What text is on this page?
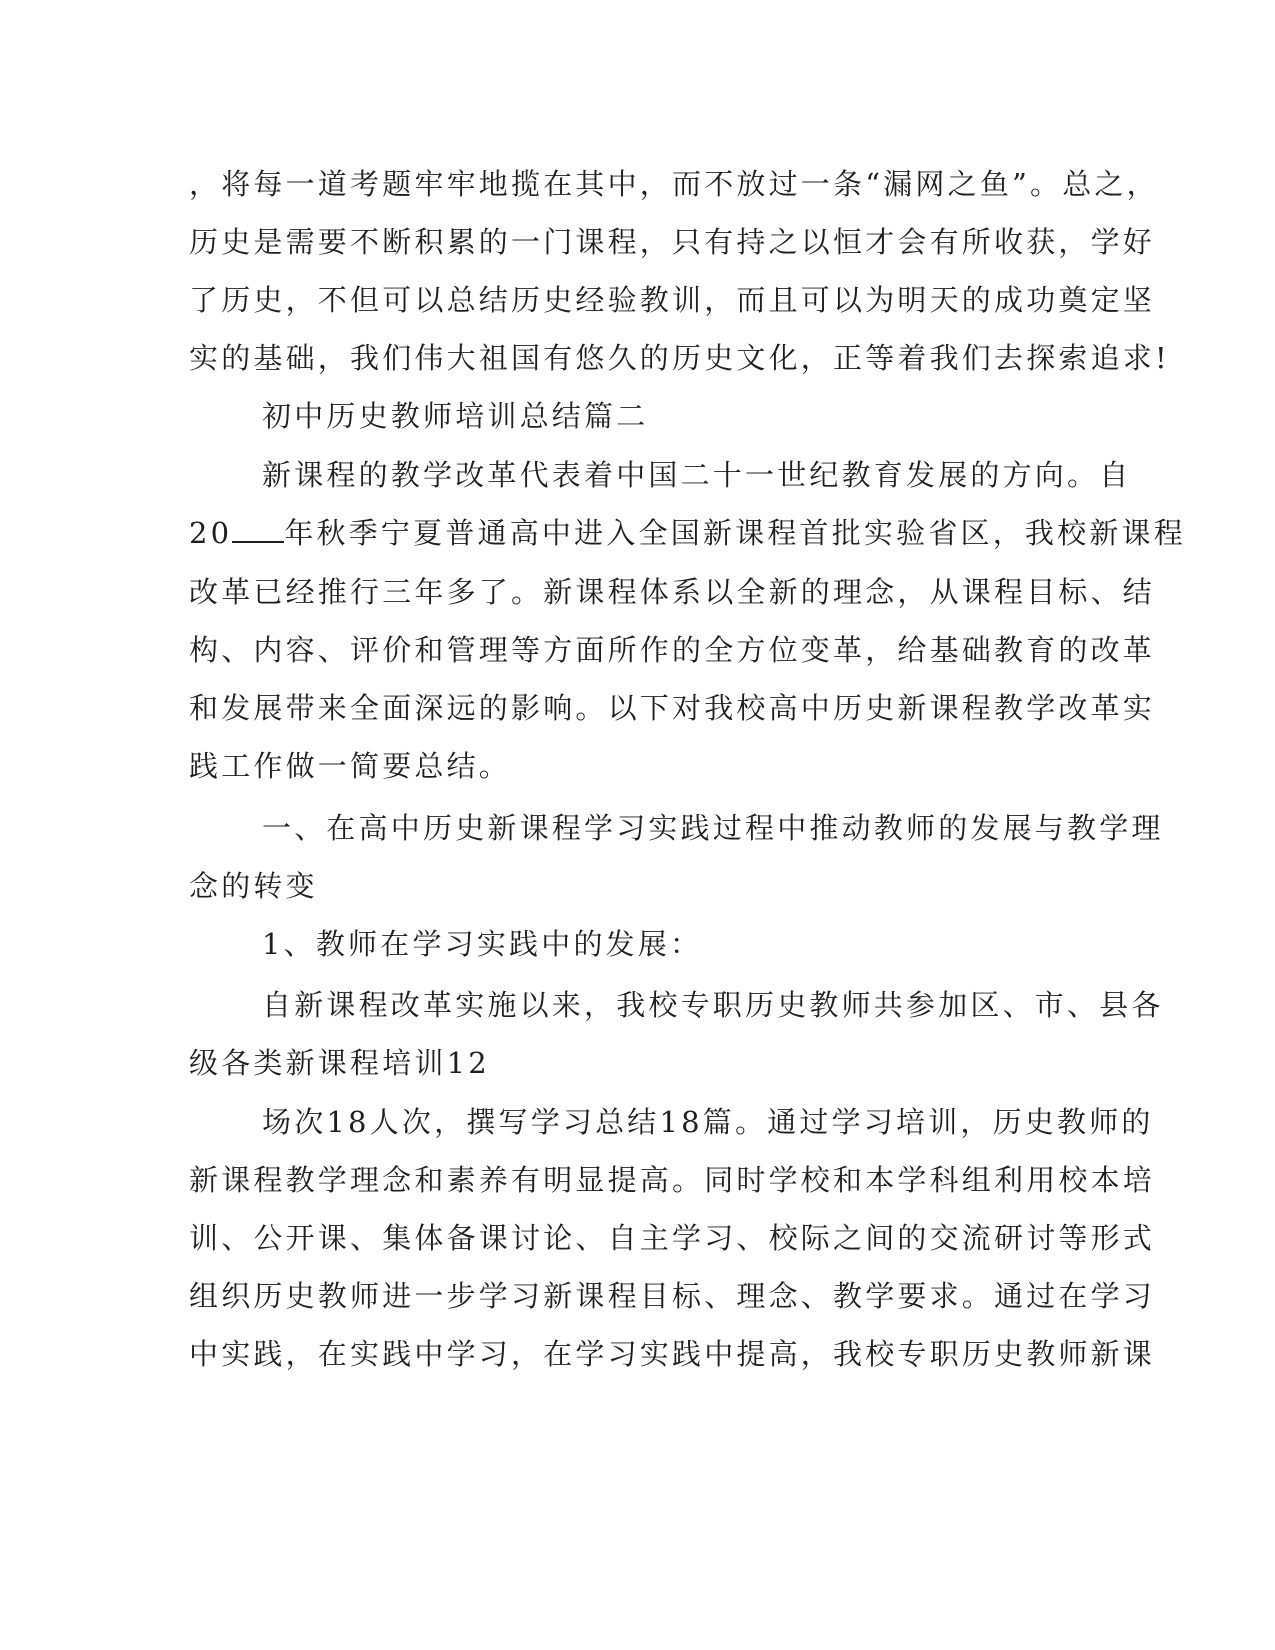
，将每一道考题牢牢地揽在其中，而不放过一条“漏网之鱼”。总之，
历史是需要不断积累的一门课程，只有持之以恒才会有所收获，学好
了历史，不但可以总结历史经验教训，而且可以为明天的成功奠定坚
实的基础，我们伟大祖国有悠久的历史文化，正等着我们去探索追求!
初中历史教师培训总结篇二
新课程的教学改革代表着中国二十一世纪教育发展的方向。自
20 年秋季宁夏普通高中进入全国新课程首批实验省区，我校新课程
改革已经推行三年多了。新课程体系以全新的理念，从课程目标、结
构、内容、评价和管理等方面所作的全方位变革，给基础教育的改革
和发展带来全面深远的影响。以下对我校高中历史新课程教学改革实
践工作做一简要总结。
一、在高中历史新课程学习实践过程中推动教师的发展与教学理
念的转变
1、教师在学习实践中的发展：
自新课程改革实施以来，我校专职历史教师共参加区、市、县各
级各类新课程培训12
场次18人次，撰写学习总结18篇。通过学习培训，历史教师的
新课程教学理念和素养有明显提高。同时学校和本学科组利用校本培
训、公开课、集体备课讨论、自主学习、校际之间的交流研讨等形式
组织历史教师进一步学习新课程目标、理念、教学要求。通过在学习
中实践，在实践中学习，在学习实践中提高，我校专职历史教师新课
